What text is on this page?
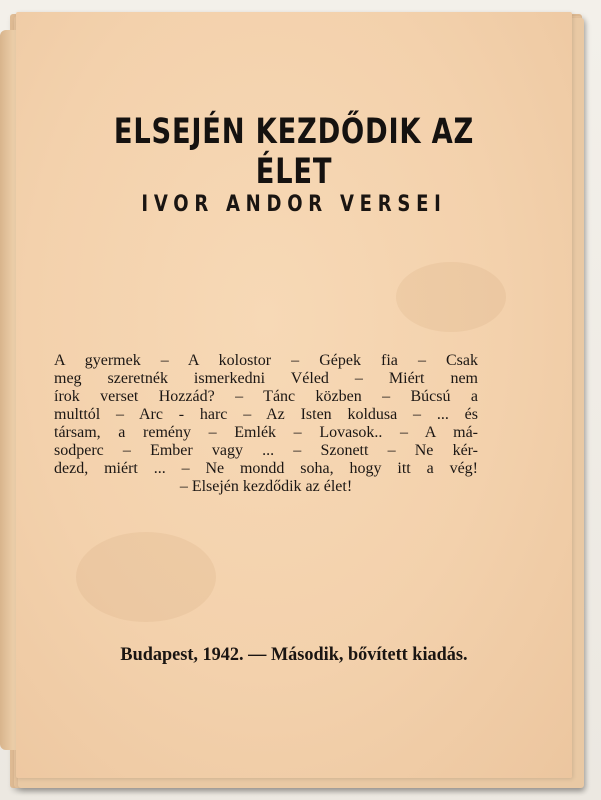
ELSEJÉN KEZDŐDIK AZ ÉLET
IVOR ANDOR VERSEI
A gyermek – A kolostor – Gépek fia – Csak
meg szeretnék ismerkedni Véled – Miért nem
írok verset Hozzád? – Tánc közben – Búcsú a
multtól – Arc - harc – Az Isten koldusa – ... és
társam, a remény – Emlék – Lovasok.. – A má-
sodperc – Ember vagy ... – Szonett – Ne kér-
dezd, miért ... – Ne mondd soha, hogy itt a vég!
– Elsején kezdődik az élet!
Budapest, 1942. — Második, bővített kiadás.
